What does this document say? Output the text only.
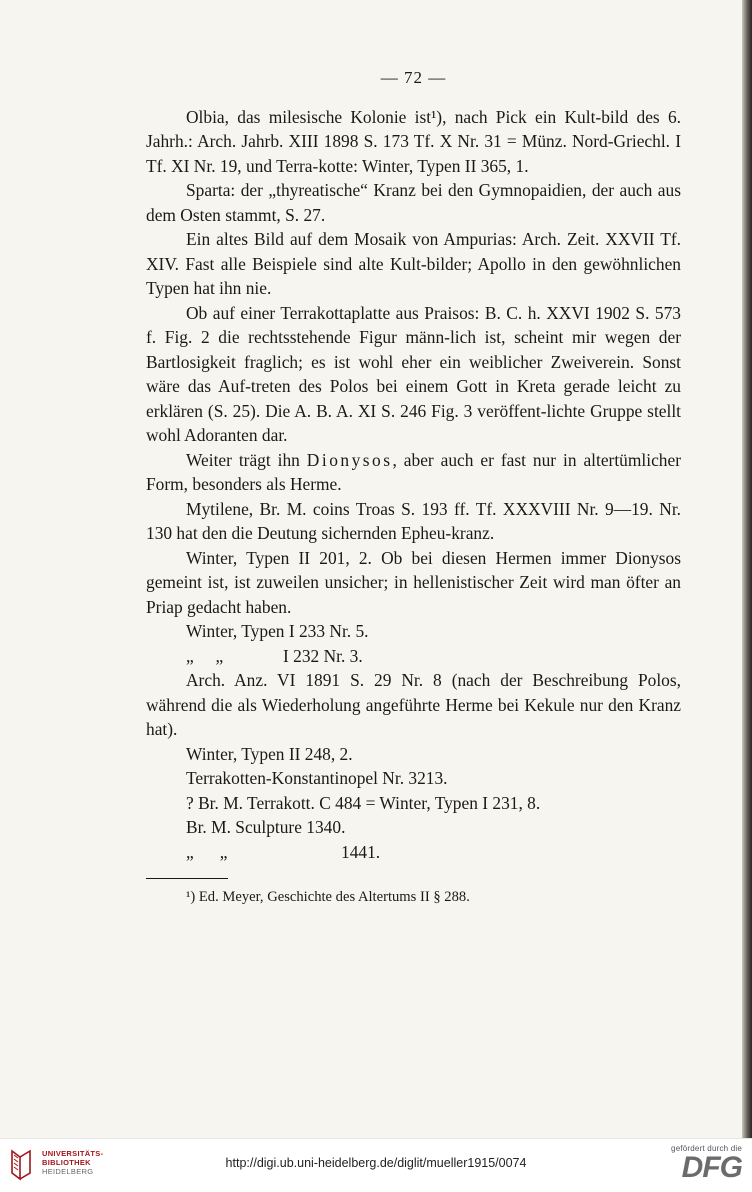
— 72 —

Olbia, das milesische Kolonie ist¹), nach Pick ein Kult-bild des 6. Jahrh.: Arch. Jahrb. XIII 1898 S. 173 Tf. X Nr. 31 = Münz. Nord-Griechl. I Tf. XI Nr. 19, und Terra-kotte: Winter, Typen II 365, 1.

Sparta: der „thyreatische“ Kranz bei den Gymnopaidien, der auch aus dem Osten stammt, S. 27.

Ein altes Bild auf dem Mosaik von Ampurias: Arch. Zeit. XXVII Tf. XIV. Fast alle Beispiele sind alte Kult-bilder; Apollo in den gewöhnlichen Typen hat ihn nie.

Ob auf einer Terrakottaplatte aus Praisos: B. C. h. XXVI 1902 S. 573 f. Fig. 2 die rechtsstehende Figur männ-lich ist, scheint mir wegen der Bartlosigkeit fraglich; es ist wohl eher ein weiblicher Zweiverein. Sonst wäre das Auf-treten des Polos bei einem Gott in Kreta gerade leicht zu erklären (S. 25). Die A. B. A. XI S. 246 Fig. 3 veröffent-lichte Gruppe stellt wohl Adoranten dar.

Weiter trägt ihn Dionysos, aber auch er fast nur in altertümlicher Form, besonders als Herme.

Mytilene, Br. M. coins Troas S. 193 ff. Tf. XXXVIII Nr. 9—19. Nr. 130 hat den die Deutung sichernden Epheu-kranz.

Winter, Typen II 201, 2. Ob bei diesen Hermen immer Dionysos gemeint ist, ist zuweilen unsicher; in hellenistischer Zeit wird man öfter an Priap gedacht haben.

Winter, Typen I 233 Nr. 5.

„     „	I 232 Nr. 3.

Arch. Anz. VI 1891 S. 29 Nr. 8 (nach der Beschreibung Polos, während die als Wiederholung angeführte Herme bei Kekule nur den Kranz hat).

Winter, Typen II 248, 2.

Terrakotten-Konstantinopel Nr. 3213.

? Br. M. Terrakott. C 484 = Winter, Typen I 231, 8.

Br. M. Sculpture 1340.

„      „	1441.

¹) Ed. Meyer, Geschichte des Altertums II § 288.

UNIVERSITÄTS-
BIBLIOTHEK
HEIDELBERG
http://digi.ub.uni-heidelberg.de/diglit/mueller1915/0074
gefördert durch die
DFG
